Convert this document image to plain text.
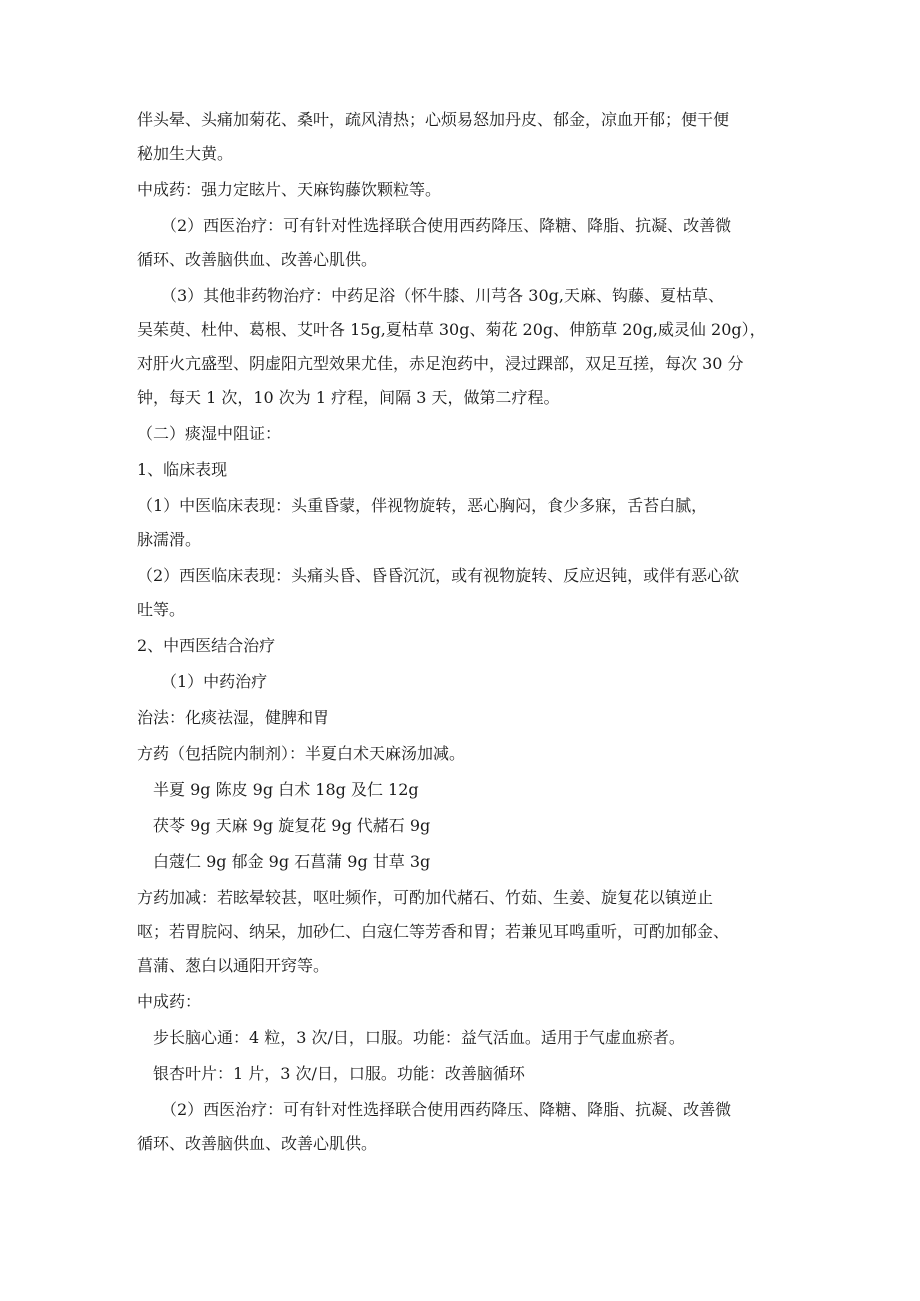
伴头晕、头痛加菊花、桑叶，疏风清热；心烦易怒加丹皮、郁金，凉血开郁；便干便
秘加生大黄。
中成药：强力定眩片、天麻钩藤饮颗粒等。
　　（2）西医治疗：可有针对性选择联合使用西药降压、降糖、降脂、抗凝、改善微
循环、改善脑供血、改善心肌供。
　　（3）其他非药物治疗：中药足浴（怀牛膝、川芎各 30g,天麻、钩藤、夏枯草、
吴茱萸、杜仲、葛根、艾叶各 15g,夏枯草 30g、菊花 20g、伸筋草 20g,威灵仙 20g），
对肝火亢盛型、阴虚阳亢型效果尤佳，赤足泡药中，浸过踝部，双足互搓，每次 30 分
钟，每天 1 次，10 次为 1 疗程，间隔 3 天，做第二疗程。
（二）痰湿中阻证：
1、临床表现
（1）中医临床表现：头重昏蒙，伴视物旋转，恶心胸闷，食少多寐，舌苔白腻，
脉濡滑。
（2）西医临床表现：头痛头昏、昏昏沉沉，或有视物旋转、反应迟钝，或伴有恶心欲
吐等。
2、中西医结合治疗
　　（1）中药治疗
治法：化痰祛湿，健脾和胃
方药（包括院内制剂）：半夏白术天麻汤加减。
　半夏 9g 陈皮 9g 白术 18g 及仁 12g
　茯苓 9g 天麻 9g 旋复花 9g 代赭石 9g
　白蔻仁 9g 郁金 9g 石菖蒲 9g 甘草 3g
方药加减：若眩晕较甚，呕吐频作，可酌加代赭石、竹茹、生姜、旋复花以镇逆止
呕；若胃脘闷、纳呆，加砂仁、白寇仁等芳香和胃；若兼见耳鸣重听，可酌加郁金、
菖蒲、葱白以通阳开窍等。
中成药：
　步长脑心通：4 粒，3 次/日，口服。功能：益气活血。适用于气虚血瘀者。
　银杏叶片：1 片，3 次/日，口服。功能：改善脑循环
　　（2）西医治疗：可有针对性选择联合使用西药降压、降糖、降脂、抗凝、改善微
循环、改善脑供血、改善心肌供。
